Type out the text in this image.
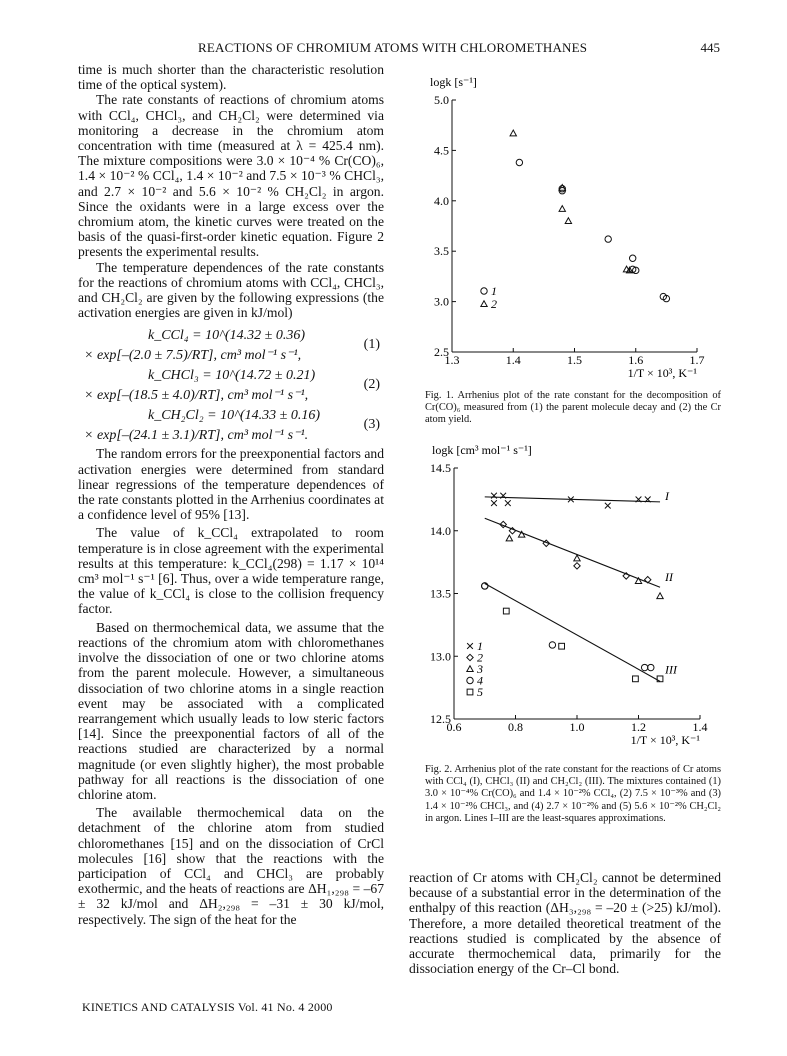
REACTIONS OF CHROMIUM ATOMS WITH CHLOROMETHANES	445

time is much shorter than the characteristic resolution time of the optical system).

The rate constants of reactions of chromium atoms with CCl₄, CHCl₃, and CH₂Cl₂ were determined via monitoring a decrease in the chromium atom concentration with time (measured at λ = 425.4 nm). The mixture compositions were 3.0 × 10⁻⁴ % Cr(CO)₆, 1.4 × 10⁻² % CCl₄, 1.4 × 10⁻² and 7.5 × 10⁻³ % CHCl₃, and 2.7 × 10⁻² and 5.6 × 10⁻² % CH₂Cl₂ in argon. Since the oxidants were in a large excess over the chromium atom, the kinetic curves were treated on the basis of the quasi-first-order kinetic equation. Figure 2 presents the experimental results.

The temperature dependences of the rate constants for the reactions of chromium atoms with CCl₄, CHCl₃, and CH₂Cl₂ are given by the following expressions (the activation energies are given in kJ/mol)

k_CCl₄ = 10^(14.32 ± 0.36)
(1)
× exp[–(2.0 ± 7.5)/RT], cm³ mol⁻¹ s⁻¹,
k_CHCl₃ = 10^(14.72 ± 0.21)
(2)
× exp[–(18.5 ± 4.0)/RT], cm³ mol⁻¹ s⁻¹,
k_CH₂Cl₂ = 10^(14.33 ± 0.16)
(3)
× exp[–(24.1 ± 3.1)/RT], cm³ mol⁻¹ s⁻¹.

The random errors for the preexponential factors and activation energies were determined from standard linear regressions of the temperature dependences of the rate constants plotted in the Arrhenius coordinates at a confidence level of 95% [13].

The value of k_CCl₄ extrapolated to room temperature is in close agreement with the experimental results at this temperature: k_CCl₄(298) = 1.17 × 10¹⁴ cm³ mol⁻¹ s⁻¹ [6]. Thus, over a wide temperature range, the value of k_CCl₄ is close to the collision frequency factor.

Based on thermochemical data, we assume that the reactions of the chromium atom with chloromethanes involve the dissociation of one or two chlorine atoms from the parent molecule. However, a simultaneous dissociation of two chlorine atoms in a single reaction event may be associated with a complicated rearrangement which usually leads to low steric factors [14]. Since the preexponential factors of all of the reactions studied are characterized by a normal magnitude (or even slightly higher), the most probable pathway for all reactions is the dissociation of one chlorine atom.

The available thermochemical data on the detachment of the chlorine atom from studied chloromethanes [15] and on the dissociation of CrCl molecules [16] show that the reactions with the participation of CCl₄ and CHCl₃ are probably exothermic, and the heats of reactions are ΔH₁,₂₉₈ = –67 ± 32 kJ/mol and ΔH₂,₂₉₈ = –31 ± 30 kJ/mol, respectively. The sign of the heat for the

1.3	1.4	1.5	1.6	1.7
2.5
3.0
3.5
4.0
4.5
5.0
logk [s⁻¹]
1/T × 10³, K⁻¹
1
2
Fig. 1. Arrhenius plot of the rate constant for the decomposition of Cr(CO)₆ measured from (1) the parent molecule decay and (2) the Cr atom yield.
0.6	0.8	1.0	1.2	1.4
12.5
13.0
13.5
14.0
14.5
logk [cm³ mol⁻¹ s⁻¹]
1/T × 10³, K⁻¹
I
II
III
1
2
3
4
5
Fig. 2. Arrhenius plot of the rate constant for the reactions of Cr atoms with CCl₄ (I), CHCl₃ (II) and CH₂Cl₂ (III). The mixtures contained (1) 3.0 × 10⁻⁴% Cr(CO)₆ and 1.4 × 10⁻²% CCl₄, (2) 7.5 × 10⁻³% and (3) 1.4 × 10⁻²% CHCl₃, and (4) 2.7 × 10⁻²% and (5) 5.6 × 10⁻²% CH₂Cl₂ in argon. Lines I–III are the least-squares approximations.

reaction of Cr atoms with CH₂Cl₂ cannot be determined because of a substantial error in the determination of the enthalpy of this reaction (ΔH₃,₂₉₈ = –20 ± (>25) kJ/mol). Therefore, a more detailed theoretical treatment of the reactions studied is complicated by the absence of accurate thermochemical data, primarily for the dissociation energy of the Cr–Cl bond.

KINETICS AND CATALYSIS Vol. 41 No. 4 2000
